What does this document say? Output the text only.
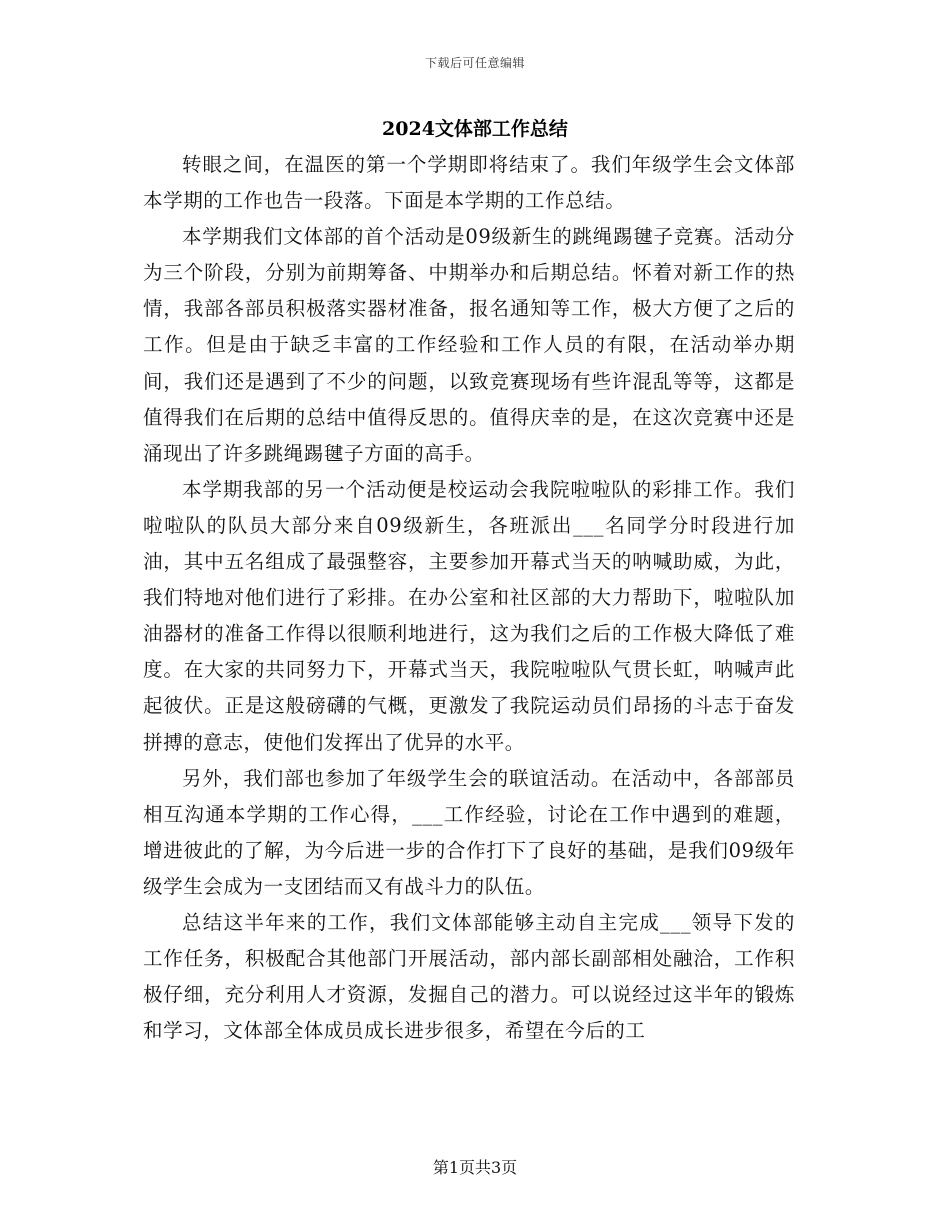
下载后可任意编辑
2024文体部工作总结

转眼之间，在温医的第一个学期即将结束了。我们年级学生会文体部本学期的工作也告一段落。下面是本学期的工作总结。

本学期我们文体部的首个活动是09级新生的跳绳踢毽子竞赛。活动分为三个阶段，分别为前期筹备、中期举办和后期总结。怀着对新工作的热情，我部各部员积极落实器材准备，报名通知等工作，极大方便了之后的工作。但是由于缺乏丰富的工作经验和工作人员的有限，在活动举办期间，我们还是遇到了不少的问题，以致竞赛现场有些许混乱等等，这都是值得我们在后期的总结中值得反思的。值得庆幸的是，在这次竞赛中还是涌现出了许多跳绳踢毽子方面的高手。

本学期我部的另一个活动便是校运动会我院啦啦队的彩排工作。我们啦啦队的队员大部分来自09级新生，各班派出___名同学分时段进行加油，其中五名组成了最强整容，主要参加开幕式当天的呐喊助威，为此，我们特地对他们进行了彩排。在办公室和社区部的大力帮助下，啦啦队加油器材的准备工作得以很顺利地进行，这为我们之后的工作极大降低了难度。在大家的共同努力下，开幕式当天，我院啦啦队气贯长虹，呐喊声此起彼伏。正是这般磅礴的气概，更激发了我院运动员们昂扬的斗志于奋发拼搏的意志，使他们发挥出了优异的水平。

另外，我们部也参加了年级学生会的联谊活动。在活动中，各部部员相互沟通本学期的工作心得，___工作经验，讨论在工作中遇到的难题，增进彼此的了解，为今后进一步的合作打下了良好的基础，是我们09级年级学生会成为一支团结而又有战斗力的队伍。

总结这半年来的工作，我们文体部能够主动自主完成___领导下发的工作任务，积极配合其他部门开展活动，部内部长副部相处融洽，工作积极仔细，充分利用人才资源，发掘自己的潜力。可以说经过这半年的锻炼和学习，文体部全体成员成长进步很多，希望在今后的工

第1页共3页
